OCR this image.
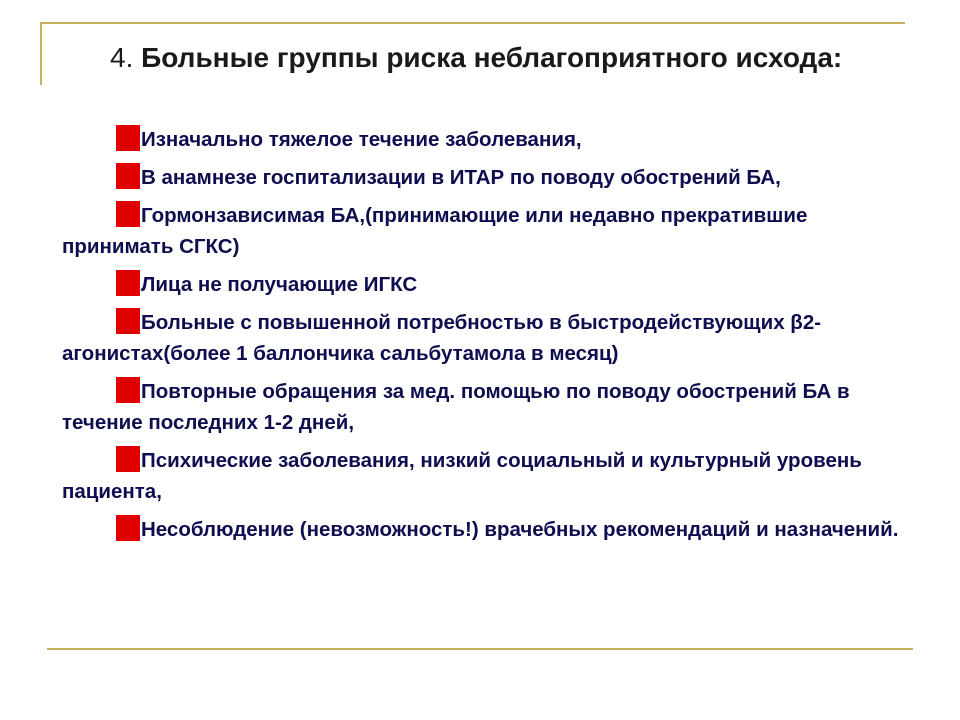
4. Больные группы риска неблагоприятного исхода:
Изначально тяжелое течение заболевания,
В анамнезе госпитализации в ИТАР по поводу обострений БА,
Гормонзависимая БА,(принимающие или недавно прекратившие принимать СГКС)
Лица не получающие ИГКС
Больные с повышенной потребностью в быстродействующих β2-агонистах(более 1 баллончика сальбутамола в месяц)
Повторные обращения за мед. помощью по поводу обострений БА в течение последних 1-2 дней,
Психические заболевания, низкий социальный и культурный уровень пациента,
Несоблюдение (невозможность!) врачебных рекомендаций и назначений.
